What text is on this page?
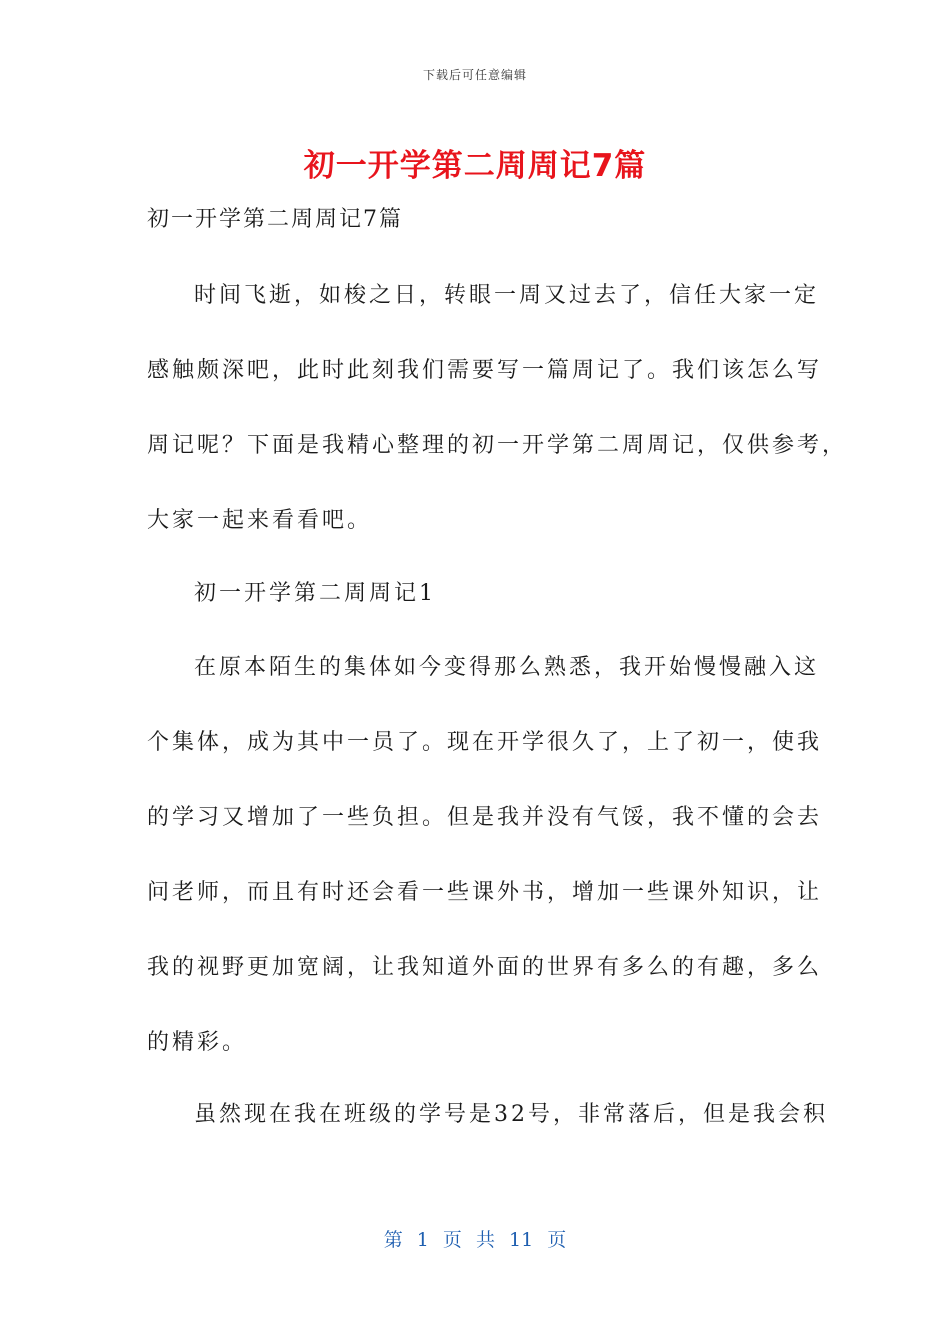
下载后可任意编辑
初一开学第二周周记7篇
初一开学第二周周记7篇

时间飞逝，如梭之日，转眼一周又过去了，信任大家一定
感触颇深吧，此时此刻我们需要写一篇周记了。我们该怎么写
周记呢？下面是我精心整理的初一开学第二周周记，仅供参考，
大家一起来看看吧。

初一开学第二周周记1

在原本陌生的集体如今变得那么熟悉，我开始慢慢融入这
个集体，成为其中一员了。现在开学很久了，上了初一，使我
的学习又增加了一些负担。但是我并没有气馁，我不懂的会去
问老师，而且有时还会看一些课外书，增加一些课外知识，让
我的视野更加宽阔，让我知道外面的世界有多么的有趣，多么
的精彩。

虽然现在我在班级的学号是32号，非常落后，但是我会积

第 1 页 共 11 页
